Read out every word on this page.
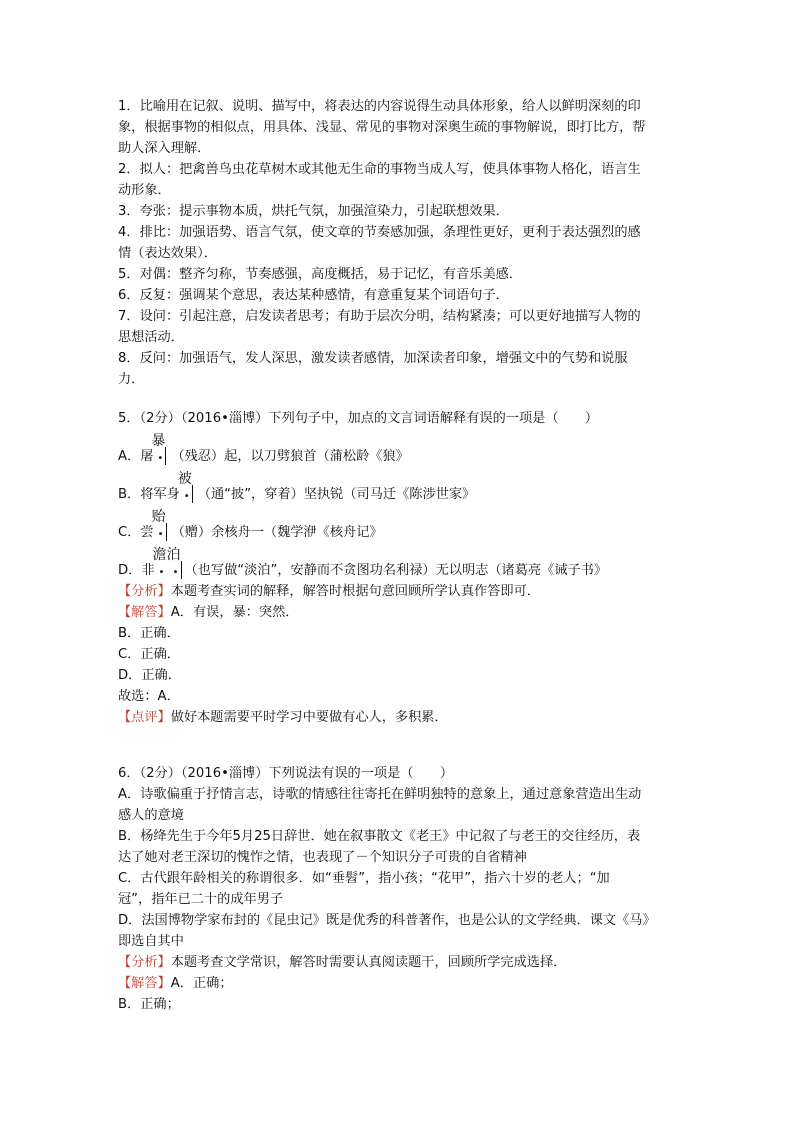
1．比喻用在记叙、说明、描写中，将表达的内容说得生动具体形象，给人以鲜明深刻的印
象，根据事物的相似点，用具体、浅显、常见的事物对深奥生疏的事物解说，即打比方，帮
助人深入理解．
2．拟人：把禽兽鸟虫花草树木或其他无生命的事物当成人写，使具体事物人格化，语言生
动形象．
3．夸张：提示事物本质，烘托气氛，加强渲染力，引起联想效果．
4．排比：加强语势、语言气氛，使文章的节奏感加强，条理性更好，更利于表达强烈的感
情（表达效果）．
5．对偶：整齐匀称，节奏感强，高度概括，易于记忆，有音乐美感．
6．反复：强调某个意思，表达某种感情，有意重复某个词语句子．
7．设问：引起注意，启发读者思考；有助于层次分明，结构紧凑；可以更好地描写人物的
思想活动．
8．反问：加强语气，发人深思，激发读者感情，加深读者印象，增强文中的气势和说服
力．
5．（2分）（2016•淄博）下列句子中，加点的文言词语解释有误的一项是（　　）
A．屠
暴
• （残忍）起，以刀劈狼首（蒲松龄《狼》
B．将军身
被
• （通“披”，穿着）坚执锐（司马迁《陈涉世家》
C．尝
贻
• （赠）余核舟一（魏学洢《核舟记》
D．非
澹泊
• • （也写做“淡泊”，安静而不贪图功名利禄）无以明志（诸葛亮《诫子书》
【分析】本题考查实词的解释，解答时根据句意回顾所学认真作答即可．
【解答】A．有误，暴：突然．
B．正确．
C．正确．
D．正确．
故选：A．
【点评】做好本题需要平时学习中要做有心人，多积累．
6．（2分）（2016•淄博）下列说法有误的一项是（　　）
A．诗歌偏重于抒情言志，诗歌的情感往往寄托在鲜明独特的意象上，通过意象营造出生动
感人的意境
B．杨绛先生于今年5月25日辞世．她在叙事散文《老王》中记叙了与老王的交往经历，表
达了她对老王深切的愧怍之情，也表现了－个知识分子可贵的自省精神
C．古代跟年龄相关的称谓很多．如“垂髫”，指小孩；“花甲”，指六十岁的老人；“加
冠”，指年已二十的成年男子
D．法国博物学家布封的《昆虫记》既是优秀的科普著作，也是公认的文学经典．课文《马》
即选自其中
【分析】本题考查文学常识，解答时需要认真阅读题干，回顾所学完成选择．
【解答】A．正确；
B．正确；
